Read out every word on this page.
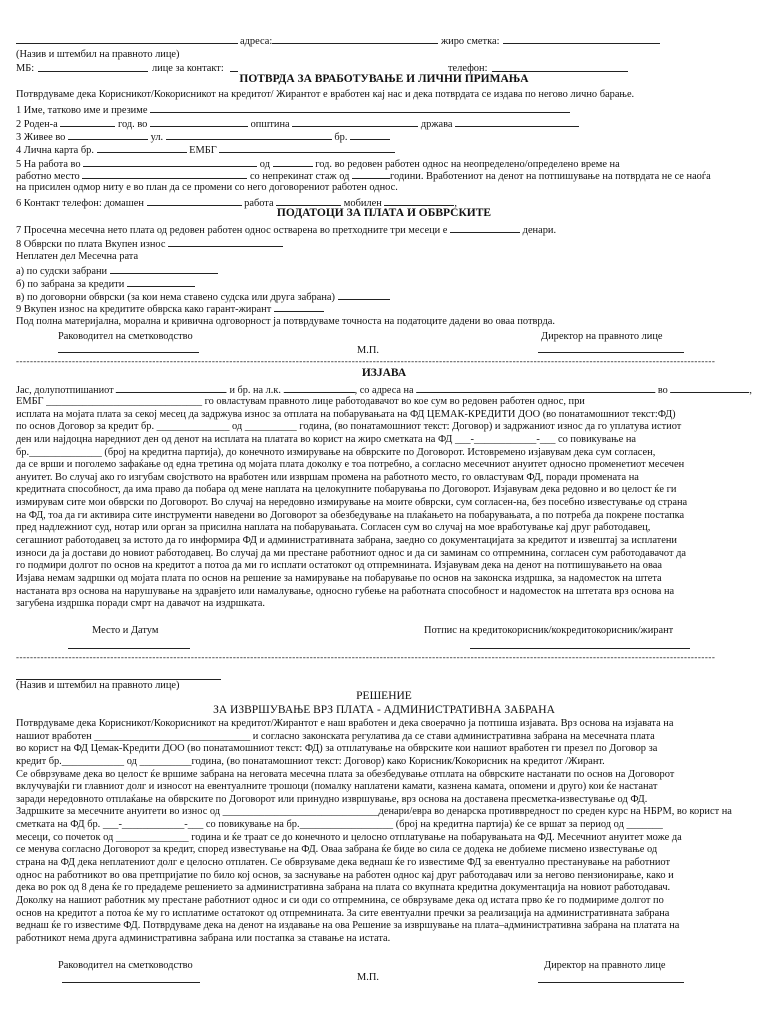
адреса:	жиро сметка:
(Назив и штембил на правното лице)
МБ:	лице за контакт:	телефон:
ПОТВРДА ЗА ВРАБОТУВАЊЕ И ЛИЧНИ ПРИМАЊА
Потврдуваме дека Корисникот/Кокорисникот на кредитот/ Жирантот е вработен кај нас и дека потврдата се издава по негово лично барање.
1 Име, татково име и презиме
2 Роден-а	год. во	општина	држава
3 Живее во	ул.	бр.
4 Лична карта бр.	ЕМБГ
5 На работа во	од	год. во редовен работен однос на неопределено/определено време на
работно место	со непрекинат стаж од	години. Вработениот на денот на потпишување на потврдата не се наоѓа
на присилен одмор ниту е во план да се промени со него договорениот работен однос.
6 Контакт телефон: домашен	работа	мобилен	,
ПОДАТОЦИ ЗА ПЛАТА И ОБВРСКИТЕ
7 Просечна месечна нето плата од редовен работен однос остварена во претходните три месеци е	денари.
8 Обврски по плата Вкупен износ
Неплатен дел Месечна рата
а) по судски забрани
б) по забрана за кредити
в) по договорни обврски (за кои нема ставено судска или друга забрана)
9 Вкупен износ на кредитите обврска како гарант-жирант
Под полна материјална, морална и кривична одговорност ја потврдуваме точноста на податоците дадени во оваа потврда.
Раководител на сметководство	Директор на правното лице
М.П.
--------------------------------------------------------------------------------------------------------------------------------------------------------------------------------------------------------
ИЗЈАВА
Јас, долупотпишаниот	и бр. на л.к.	, со адреса на	во	,
ЕМБГ ______________________________ го овластувам правното лице работодавачот во кое сум во редовен работен однос, при
исплата на мојата плата за секој месец да задржува износ за отплата на побарувањата на ФД ЦЕМАК-КРЕДИТИ ДОО (во понатамошниот текст:ФД)
по основ Договор за кредит бр. ______________ од __________ година, (во понатамошниот текст: Договор) и задржаниот износ да го уплатува истиот
ден или најдоцна наредниот ден од денот на исплата на платата во корист на жиро сметката на ФД ___-____________-___ со повикување на
бр.______________ (број на кредитна партија), до конечното измирување на обврските по Договорот. Истовремено изјавувам дека сум согласен,
да се врши и поголемо зафаќање од една третина од мојата плата доколку е тоа потребно, а согласно месечниот ануитет односно променетиот месечен
ануитет. Во случај ако го изгубам својството на вработен или извршам промена на работното место, го овластувам ФД, поради промената на
кредитната способност, да има право да побара од мене наплата на целокупните побарувања по Договорот. Изјавувам дека редовно и во целост ќе ги
измирувам сите мои обврски по Договорот. Во случај на нередовно измирување на моите обврски, сум согласен-на, без посебно известување од страна
на ФД, тоа да ги активира сите инструменти наведени во Договорот за обезбедување на плаќањето на побарувањата, а по потреба да покрене постапка
пред надлежниот суд, нотар или орган за присилна наплата на побарувањата. Согласен сум во случај на мое вработување кај друг работодавец,
сегашниот работодавец за истото да го информира ФД и административната забрана, заедно со документацијата за кредитот и извештај за исплатени
износи да ја достави до новиот работодавец. Во случај да ми престане работниот однос и да си заминам со отпремнина, согласен сум работодавачот да
го подмири долгот по основ на кредитот а потоа да ми го исплати остатокот од отпремнината. Изјавувам дека на денот на потпишувањето на оваа
Изјава немам задршки од мојата плата по основ на решение за намирување на побарување по основ на законска издршка, за надоместок на штета
настаната врз основа на нарушување на здравјето или намалување, односно губење на работната способност и надоместок на штетата врз основа на
загубена издршка поради смрт на давачот на издршката.
Место и Датум	Потпис на кредитокорисник/кокредитокорисник/жирант
--------------------------------------------------------------------------------------------------------------------------------------------------------------------------------------------------------
(Назив и штембил на правното лице)
РЕШЕНИЕ
ЗА ИЗВРШУВАЊЕ ВРЗ ПЛАТА - АДМИНИСТРАТИВНА ЗАБРАНА
Потврдуваме дека Корисникот/Кокорисникот на кредитот/Жирантот е наш вработен и дека своерачно ја потпиша изјавата. Врз основа на изјавата на
нашиот вработен ______________________________ и согласно законската регулатива да се стави административна забрана на месечната плата
во корист на ФД Цемак-Кредити ДОО (во понатамошниот текст: ФД) за отплатување на обврските кои нашиот вработен ги презел по Договор за
кредит бр.____________ од __________година, (во понатамошниот текст: Договор) како Корисник/Кокорисник на кредитот /Жирант.
Се обврзуваме дека во целост ќе вршиме забрана на неговата месечна плата за обезбедување отплата на обврските настанати по основ на Договорот
вклучувајќи ги главниот долг и износот на евентуалните трошоци (помалку наплатени камати, казнена камата, опомени и друго) кои ќе настанат
заради нередовното отплаќање на обврските по Договорот или принудно извршување, врз основа на доставена пресметка-известување од ФД.
Задршките за месечните ануитети во износ од ______________________________денари/евра во денарска противвредност по среден курс на НБРМ, во корист на
сметката на ФД бр. ___-____________-___ со повикување на бр.__________________ (број на кредитна партија) ќе се вршат за период од _______
месеци, со почеток од ______________ година и ќе траат се до конечното и целосно отплатување на побарувањата на ФД. Месечниот ануитет може да
се менува согласно Договорот за кредит, според известување на ФД. Оваа забрана ќе биде во сила се додека не добиеме писмено известување од
страна на ФД дека неплатениот долг е целосно отплатен. Се обврзуваме дека веднаш ќе го известиме ФД за евентуално престанување на работниот
однос на работникот во ова претпријатие по било кој основ, за заснување на работен однос кај друг работодавач или за негово пензионирање, како и
дека во рок од 8 дена ќе го предадеме решението за административна забрана на плата со вкупната кредитна документација на новиот работодавач.
Доколку на нашиот работник му престане работниот однос и си оди со отпремнина, се обврзуваме дека од истата прво ќе го подмириме долгот по
основ на кредитот а потоа ќе му го исплатиме остатокот од отпремнината. За сите евентуални пречки за реализација на административната забрана
веднаш ќе го известиме ФД. Потврдуваме дека на денот на издавање на ова Решение за извршување на плата–административна забрана на платата на
работникот нема друга административна забрана или постапка за ставање на истата.
Раководител на сметководство	Директор на правното лице
М.П.
